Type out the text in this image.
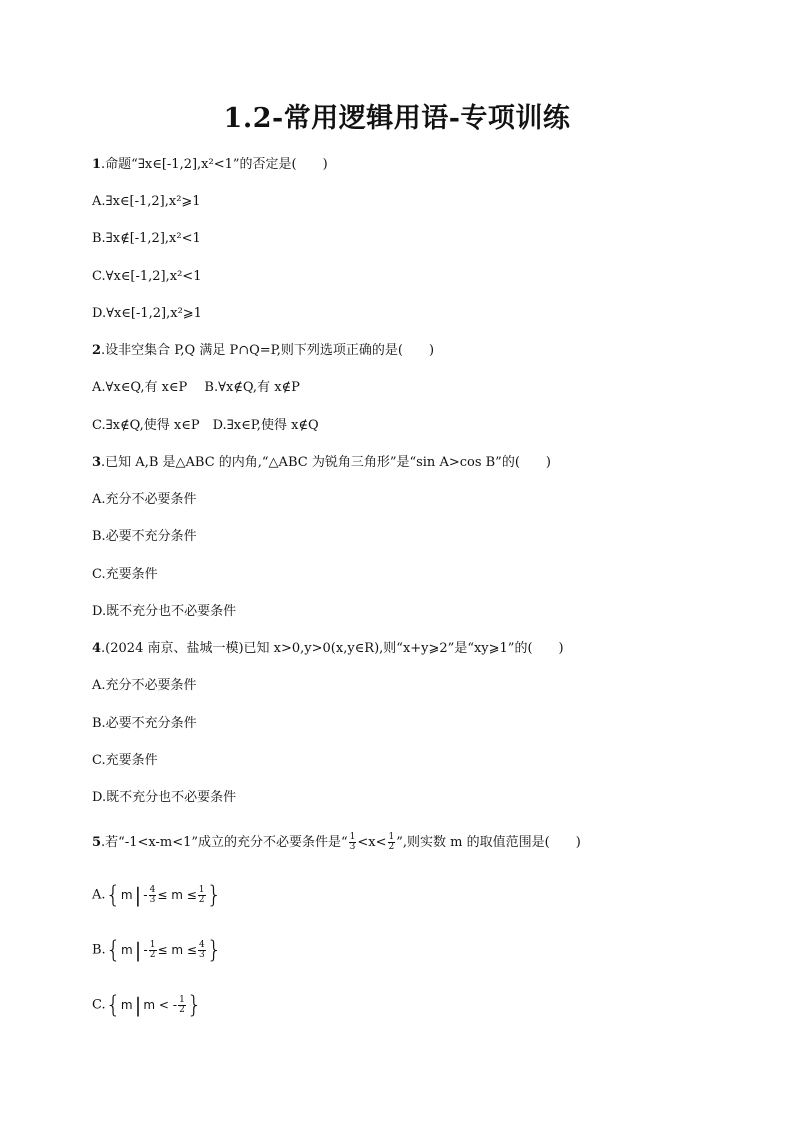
1.2-常用逻辑用语-专项训练
1.命题“∃x∈[-1,2],x²<1”的否定是(　　)
A.∃x∈[-1,2],x²⩾1
B.∃x∉[-1,2],x²<1
C.∀x∈[-1,2],x²<1
D.∀x∈[-1,2],x²⩾1
2.设非空集合 P,Q 满足 P∩Q=P,则下列选项正确的是(　　)
A.∀x∈Q,有 x∈P　 B.∀x∉Q,有 x∉P
C.∃x∉Q,使得 x∈P　D.∃x∈P,使得 x∉Q
3.已知 A,B 是△ABC 的内角,“△ABC 为锐角三角形”是“sin A>cos B”的(　　)
A.充分不必要条件
B.必要不充分条件
C.充要条件
D.既不充分也不必要条件
4.(2024 南京、盐城一模)已知 x>0,y>0(x,y∈R),则“x+y⩾2”是“xy⩾1”的(　　)
A.充分不必要条件
B.必要不充分条件
C.充要条件
D.既不充分也不必要条件
5.若“-1<x-m<1”成立的充分不必要条件是“ $\frac{1}{3} <x< \frac{1}{2}$ ”,则实数 m 的取值范围是(　　)
A.{m | - $\frac{4}{3} \le m \le \frac{1}{2}$ }
B.{m | - $\frac{1}{2} \le m \le \frac{4}{3}$ }
C.{m | m < - $\frac{1}{2}$ }
